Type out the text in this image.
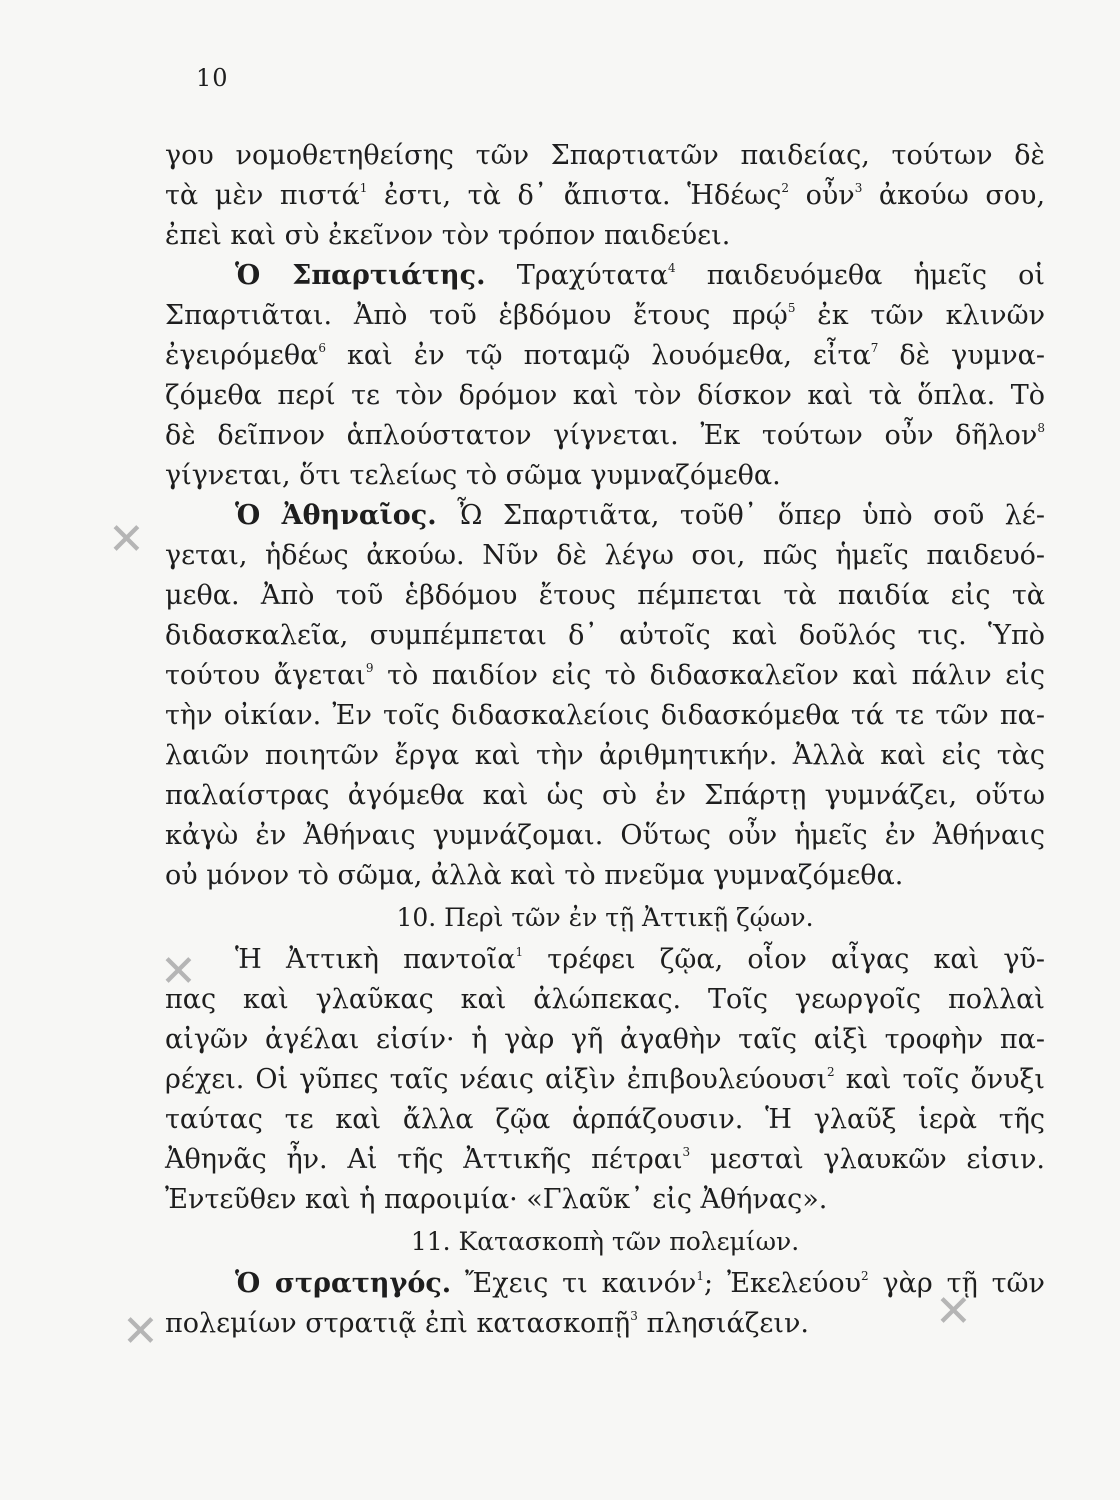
10
γου νομοθετηθείσης τῶν Σπαρτιατῶν παιδείας, τούτων δὲ
τὰ μὲν πιστά$^1$ ἐστι, τὰ δ᾽ ἄπιστα. Ἡδέως$^2$ οὖν$^3$ ἀκούω σου,
ἐπεὶ καὶ σὺ ἐκεῖνον τὸν τρόπον παιδεύει.
Ὁ Σπαρτιάτης. Τραχύτατα$^4$ παιδευόμεθα ἡμεῖς οἱ
Σπαρτιᾶται. Ἀπὸ τοῦ ἑβδόμου ἔτους πρῴ$^5$ ἐκ τῶν κλινῶν
ἐγειρόμεθα$^6$ καὶ ἐν τῷ ποταμῷ λουόμεθα, εἶτα$^7$ δὲ γυμνα-
ζόμεθα περί τε τὸν δρόμον καὶ τὸν δίσκον καὶ τὰ ὅπλα. Τὸ
δὲ δεῖπνον ἁπλούστατον γίγνεται. Ἐκ τούτων οὖν δῆλον$^8$
γίγνεται, ὅτι τελείως τὸ σῶμα γυμναζόμεθα.
Ὁ Ἀθηναῖος. Ὦ Σπαρτιᾶτα, τοῦθ᾽ ὅπερ ὑπὸ σοῦ λέ-
γεται, ἡδέως ἀκούω. Νῦν δὲ λέγω σοι, πῶς ἡμεῖς παιδευό-
μεθα. Ἀπὸ τοῦ ἑβδόμου ἔτους πέμπεται τὰ παιδία εἰς τὰ
διδασκαλεῖα, συμπέμπεται δ᾽ αὐτοῖς καὶ δοῦλός τις. Ὑπὸ
τούτου ἄγεται$^9$ τὸ παιδίον εἰς τὸ διδασκαλεῖον καὶ πάλιν εἰς
τὴν οἰκίαν. Ἐν τοῖς διδασκαλείοις διδασκόμεθα τά τε τῶν πα-
λαιῶν ποιητῶν ἔργα καὶ τὴν ἀριθμητικήν. Ἀλλὰ καὶ εἰς τὰς
παλαίστρας ἀγόμεθα καὶ ὡς σὺ ἐν Σπάρτῃ γυμνάζει, οὕτω
κἀγὼ ἐν Ἀθήναις γυμνάζομαι. Οὕτως οὖν ἡμεῖς ἐν Ἀθήναις
οὐ μόνον τὸ σῶμα, ἀλλὰ καὶ τὸ πνεῦμα γυμναζόμεθα.
10. Περὶ τῶν ἐν τῇ Ἀττικῇ ζῴων.
Ἡ Ἀττικὴ παντοῖα$^1$ τρέφει ζῷα, οἷον αἶγας καὶ γῦ-
πας καὶ γλαῦκας καὶ ἀλώπεκας. Τοῖς γεωργοῖς πολλαὶ
αἰγῶν ἀγέλαι εἰσίν· ἡ γὰρ γῆ ἀγαθὴν ταῖς αἰξὶ τροφὴν πα-
ρέχει. Οἱ γῦπες ταῖς νέαις αἰξὶν ἐπιβουλεύουσι$^2$ καὶ τοῖς ὄνυξι
ταύτας τε καὶ ἄλλα ζῷα ἁρπάζουσιν. Ἡ γλαῦξ ἱερὰ τῆς
Ἀθηνᾶς ἦν. Αἱ τῆς Ἀττικῆς πέτραι$^3$ μεσταὶ γλαυκῶν εἰσιν.
Ἐντεῦθεν καὶ ἡ παροιμία· «Γλαῦκ᾽ εἰς Ἀθήνας».
11. Κατασκοπὴ τῶν πολεμίων.
Ὁ στρατηγός. Ἔχεις τι καινόν$^1$; Ἐκελεύου$^2$ γὰρ τῇ τῶν
πολεμίων στρατιᾷ ἐπὶ κατασκοπῇ$^3$ πλησιάζειν.
✕
✕
✕	✕
